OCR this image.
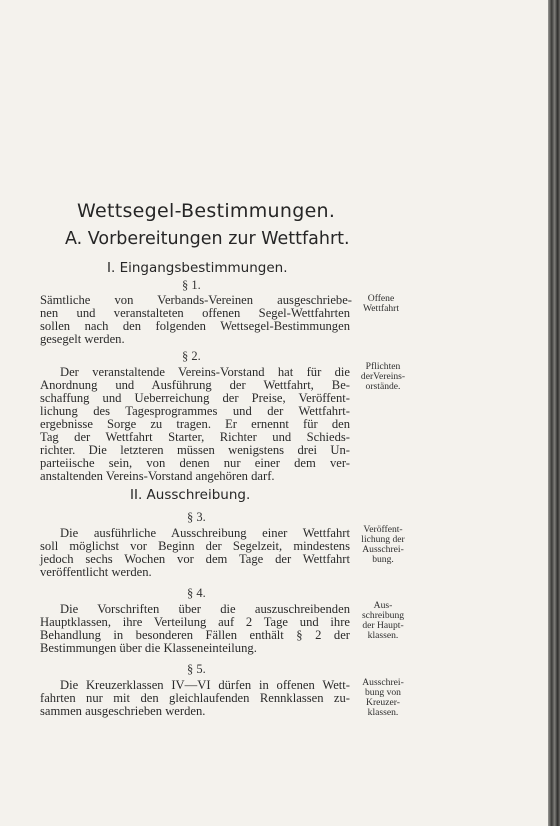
Wettsegel-Bestimmungen.
A. Vorbereitungen zur Wettfahrt.
I. Eingangsbestimmungen.
§ 1.
Sämtliche von Verbands-Vereinen ausgeschriebe-
nen und veranstalteten offenen Segel-Wettfahrten
sollen nach den folgenden Wettsegel-Bestimmungen
gesegelt werden.
Offene
Wettfahrt
§ 2.
Der veranstaltende Vereins-Vorstand hat für die
Anordnung und Ausführung der Wettfahrt, Be-
schaffung und Ueberreichung der Preise, Veröffent-
lichung des Tagesprogrammes und der Wettfahrt-
ergebnisse Sorge zu tragen. Er ernennt für den
Tag der Wettfahrt Starter, Richter und Schieds-
richter. Die letzteren müssen wenigstens drei Un-
parteiische sein, von denen nur einer dem ver-
anstaltenden Vereins-Vorstand angehören darf.
Pflichten
derVereins-
orstände.
II. Ausschreibung.
§ 3.
Die ausführliche Ausschreibung einer Wettfahrt
soll möglichst vor Beginn der Segelzeit, mindestens
jedoch sechs Wochen vor dem Tage der Wettfahrt
veröffentlicht werden.
Veröffent-
lichung der
Ausschrei-
bung.
§ 4.
Die Vorschriften über die auszuschreibenden
Hauptklassen, ihre Verteilung auf 2 Tage und ihre
Behandlung in besonderen Fällen enthält § 2 der
Bestimmungen über die Klasseneinteilung.
Aus-
schreibung
der Haupt-
klassen.
§ 5.
Die Kreuzerklassen IV—VI dürfen in offenen Wett-
fahrten nur mit den gleichlaufenden Rennklassen zu-
sammen ausgeschrieben werden.
Ausschrei-
bung von
Kreuzer-
klassen.
